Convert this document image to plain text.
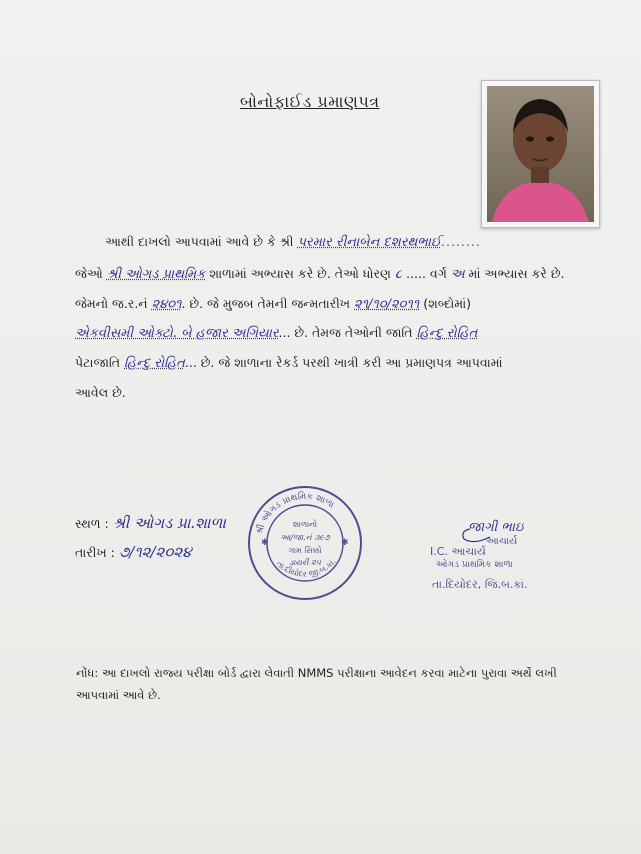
બોનોફાઈડ પ્રમાણપત્ર
આથી દાખલો આપવામાં આવે છે કે શ્રી પરમાર રીનાબેન દશરથભાઈ........
જેઓ શ્રી ઓગડ પ્રાથમિક શાળામાં અભ્યાસ કરે છે. તેઓ ધોરણ ૮ ..... વર્ગ અ માં અભ્યાસ કરે છે.
જેમનો જ.ર.નં ૨૪૦૧. છે. જે મુજબ તેમની જન્મતારીખ ૨૧/૧૦/૨૦૧૧ (શબ્દોમાં)
એકવીસમી ઓક્ટો. બે હજાર અગિયાર... છે. તેમજ તેઓની જાતિ હિન્દુ રોહિત
પેટાજાતિ હિન્દુ રોહિત... છે. જે શાળાના રેકર્ડ પરથી ખાત્રી કરી આ પ્રમાણપત્ર આપવામાં
આવેલ છે.
સ્થળ : શ્રી ઓગડ પ્રા.શાળા
તારીખ : ૭/૧૨/૨૦૨૪
શ્રી ઓગડ પ્રાથમિક શાળા
તા.દીયોદર જી.બ.કાં.
શાળાનો
આ/જા.નં ૩૯૭
ગામ સિક્કો
ડાયરી ૨૫
✱	✱
જાગી ભાઇ
આચાર્ય
I.C. આચાર્ય
ઓગડ પ્રાથમિક શાળા
તા.દિયોદર, જિ.બ.કાં.
નોંધ: આ દાખલો રાજ્ય પરીક્ષા બોર્ડ દ્વારા લેવાતી NMMS પરીક્ષાના આવેદન કરવા માટેના પુરાવા અર્થે લખી આપવામાં આવે છે.
